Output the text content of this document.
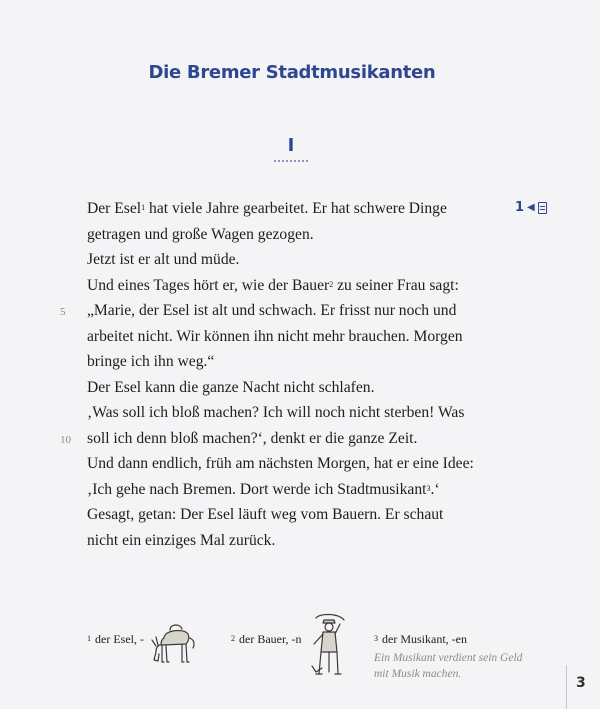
Die Bremer Stadtmusikanten
I
1 ◀
Der Esel$^1$ hat viele Jahre gearbeitet. Er hat schwere Dinge
getragen und große Wagen gezogen.
Jetzt ist er alt und müde.
Und eines Tages hört er, wie der Bauer$^2$ zu seiner Frau sagt:
5 „Marie, der Esel ist alt und schwach. Er frisst nur noch und
arbeitet nicht. Wir können ihn nicht mehr brauchen. Morgen
bringe ich ihn weg.“
Der Esel kann die ganze Nacht nicht schlafen.
‚Was soll ich bloß machen? Ich will noch nicht sterben! Was
10 soll ich denn bloß machen?‘, denkt er die ganze Zeit.
Und dann endlich, früh am nächsten Morgen, hat er eine Idee:
‚Ich gehe nach Bremen. Dort werde ich Stadtmusikant$^3$.‘
Gesagt, getan: Der Esel läuft weg vom Bauern. Er schaut
nicht ein einziges Mal zurück.
$^1$ der Esel, -	$^2$ der Bauer, -n	$^3$ der Musikant, -en
Ein Musikant verdient sein Geld mit Musik machen.
3
